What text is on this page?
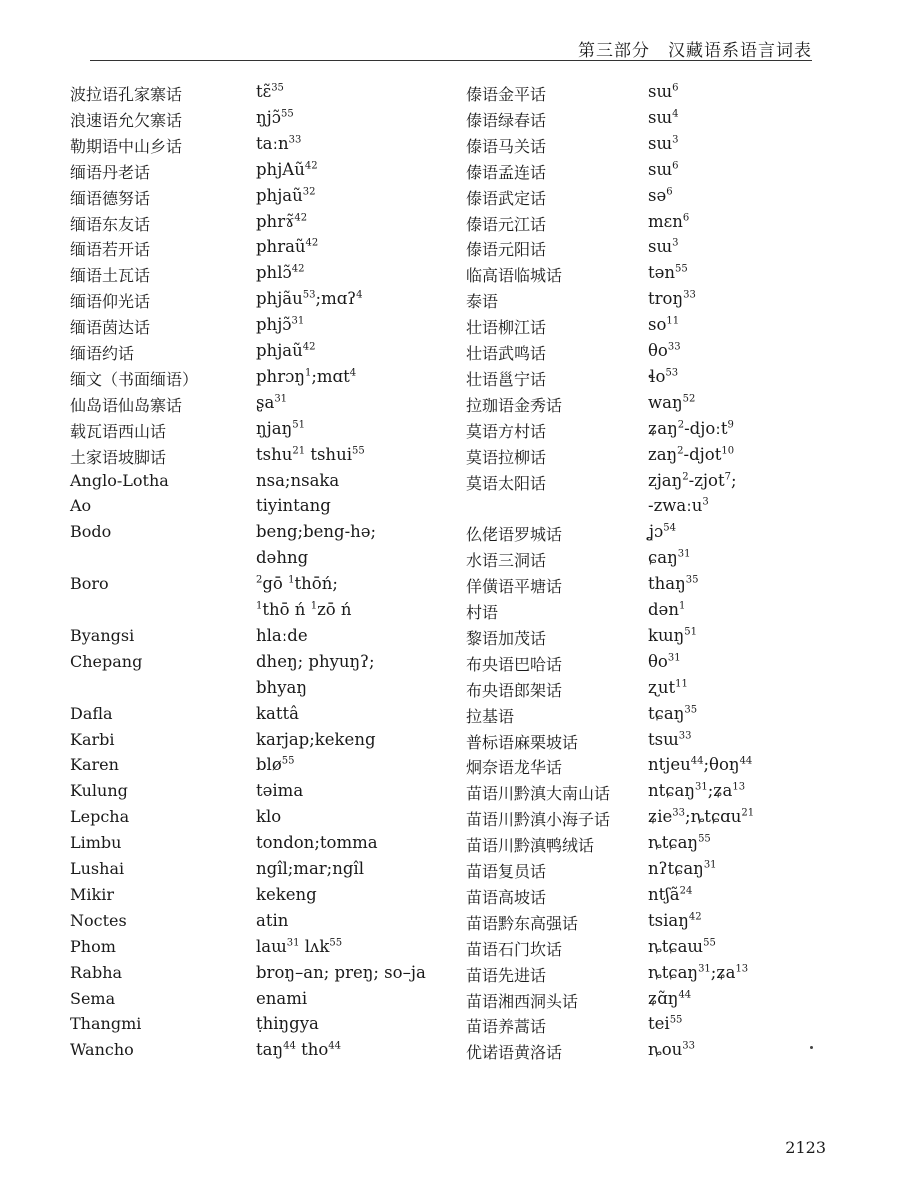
第三部分　汉藏语系语言词表
波拉语孔家寨话
浪速语允欠寨话
勒期语中山乡话
缅语丹老话
缅语德努话
缅语东友话
缅语若开话
缅语土瓦话
缅语仰光话
缅语茵达话
缅语约话
缅文（书面缅语）
仙岛语仙岛寨话
载瓦语西山话
土家语坡脚话
Anglo-Lotha
Ao
Bodo
Boro
Byangsi
Chepang
Dafla
Karbi
Karen
Kulung
Lepcha
Limbu
Lushai
Mikir
Noctes
Phom
Rabha
Sema
Thangmi
Wancho
tɛ̃$^{35}$
ŋjɔ̃$^{55}$
taːn$^{33}$
phjAũ$^{42}$
phjaũ$^{32}$
phrɤ̃$^{42}$
phraũ$^{42}$
phlɔ̃$^{42}$
phjãu$^{53}$;mɑʔ$^4$
phjɔ̃$^{31}$
phjaũ$^{42}$
phrɔŋ$^1$;mɑt$^4$
ʂa$^{31}$
ŋjaŋ$^{51}$
tshu$^{21}$ tshui$^{55}$
nsa;nsaka
tiyintang
beng;beng-hə;
dəhng
$^2$gō $^1$thōń;
$^1$thō ń $^1$zō ń
hlaːde
dheŋ; phyuŋʔ;
bhyaŋ
kattâ
karjap;kekeng
blø$^{55}$
təima
klo
tondon;tomma
ngîl;mar;ngîl
kekeng
atin
laɯ$^{31}$ lʌk$^{55}$
broŋ–an; preŋ; so–ja
enami
ṭhiŋgya
taŋ$^{44}$ tho$^{44}$
傣语金平话
傣语绿春话
傣语马关话
傣语孟连话
傣语武定话
傣语元江话
傣语元阳话
临高语临城话
泰语
壮语柳江话
壮语武鸣话
壮语邕宁话
拉珈语金秀话
莫语方村话
莫语拉柳话
莫语太阳话
仫佬语罗城话
水语三洞话
佯僙语平塘话
村语
黎语加茂话
布央语巴哈话
布央语郎架话
拉基语
普标语麻栗坡话
炯奈语龙华话
苗语川黔滇大南山话
苗语川黔滇小海子话
苗语川黔滇鸭绒话
苗语复员话
苗语高坡话
苗语黔东高强话
苗语石门坎话
苗语先进话
苗语湘西洞头话
苗语养蒿话
优诺语黄洛话
sɯ$^6$
sɯ$^4$
sɯ$^3$
sɯ$^6$
sə$^6$
mɛn$^6$
sɯ$^3$
tən$^{55}$
troŋ$^{33}$
$so^{11}$
$\theta o^{33}$
ɬo$^{53}$
waŋ$^{52}$
ʑaŋ$^2$-djoːt$^9$
zaŋ$^2$-djot$^{10}$
zjaŋ$^2$-zjot$^7$;
-zwaːu$^3$
ʝɔ$^{54}$
ɕaŋ$^{31}$
thaŋ$^{35}$
dən$^1$
kɯŋ$^{51}$
$\theta o^{31}$
ʐut$^{11}$
tɕaŋ$^{35}$
tsɯ$^{33}$
ntjeu$^{44}$;θoŋ$^{44}$
ntɕaŋ$^{31}$;ʑa$^{13}$
ʑie$^{33}$;ȵtɕɑu$^{21}$
ȵtɕaŋ$^{55}$
nʔtɕaŋ$^{31}$
ntʃã$^{24}$
tsiaŋ$^{42}$
ȵtɕaɯ$^{55}$
ȵtɕaŋ$^{31}$;ʑa$^{13}$
$ʑɑ̃ŋ^{44}$
tei$^{55}$
ȵou$^{33}$
2123
